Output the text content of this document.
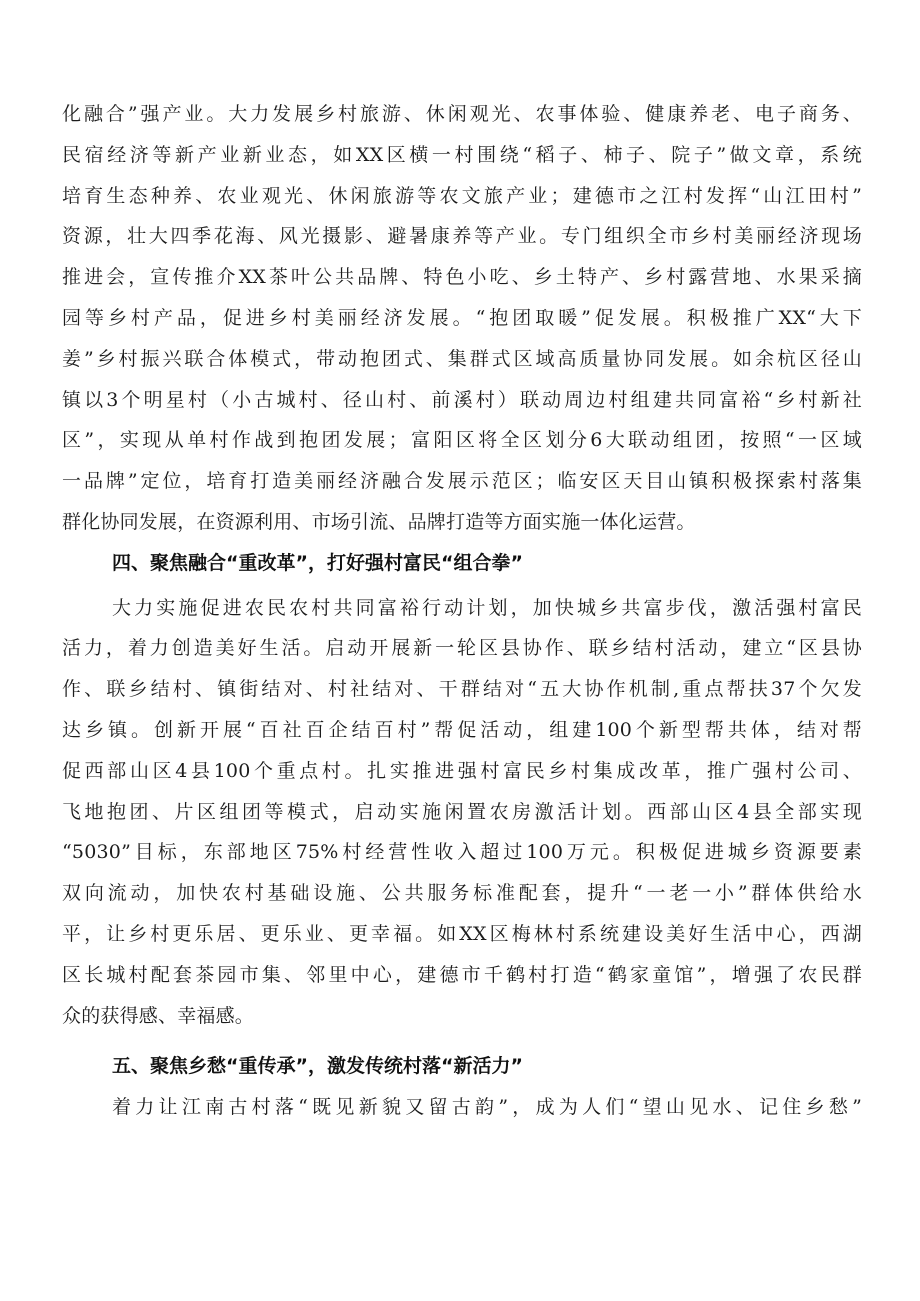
化融合”强产业。大力发展乡村旅游、休闲观光、农事体验、健康养老、电子商务、
民宿经济等新产业新业态，如XX区横一村围绕“稻子、柿子、院子”做文章，系统
培育生态种养、农业观光、休闲旅游等农文旅产业；建德市之江村发挥“山江田村”
资源，壮大四季花海、风光摄影、避暑康养等产业。专门组织全市乡村美丽经济现场
推进会，宣传推介XX茶叶公共品牌、特色小吃、乡土特产、乡村露营地、水果采摘
园等乡村产品，促进乡村美丽经济发展。“抱团取暖”促发展。积极推广XX“大下
姜”乡村振兴联合体模式，带动抱团式、集群式区域高质量协同发展。如余杭区径山
镇以3个明星村（小古城村、径山村、前溪村）联动周边村组建共同富裕“乡村新社
区”，实现从单村作战到抱团发展；富阳区将全区划分6大联动组团，按照“一区域
一品牌”定位，培育打造美丽经济融合发展示范区；临安区天目山镇积极探索村落集
群化协同发展，在资源利用、市场引流、品牌打造等方面实施一体化运营。
四、聚焦融合“重改革”，打好强村富民“组合拳”
大力实施促进农民农村共同富裕行动计划，加快城乡共富步伐，激活强村富民
活力，着力创造美好生活。启动开展新一轮区县协作、联乡结村活动，建立“区县协
作、联乡结村、镇街结对、村社结对、干群结对“五大协作机制,重点帮扶37个欠发
达乡镇。创新开展“百社百企结百村”帮促活动，组建100个新型帮共体，结对帮
促西部山区4县100个重点村。扎实推进强村富民乡村集成改革，推广强村公司、
飞地抱团、片区组团等模式，启动实施闲置农房激活计划。西部山区4县全部实现
“5030”目标，东部地区75%村经营性收入超过100万元。积极促进城乡资源要素
双向流动，加快农村基础设施、公共服务标准配套，提升“一老一小”群体供给水
平，让乡村更乐居、更乐业、更幸福。如XX区梅林村系统建设美好生活中心，西湖
区长城村配套茶园市集、邻里中心，建德市千鹤村打造“鹤家童馆”，增强了农民群
众的获得感、幸福感。
五、聚焦乡愁“重传承”，激发传统村落“新活力”
着力让江南古村落“既见新貌又留古韵”，成为人们“望山见水、记住乡愁”
